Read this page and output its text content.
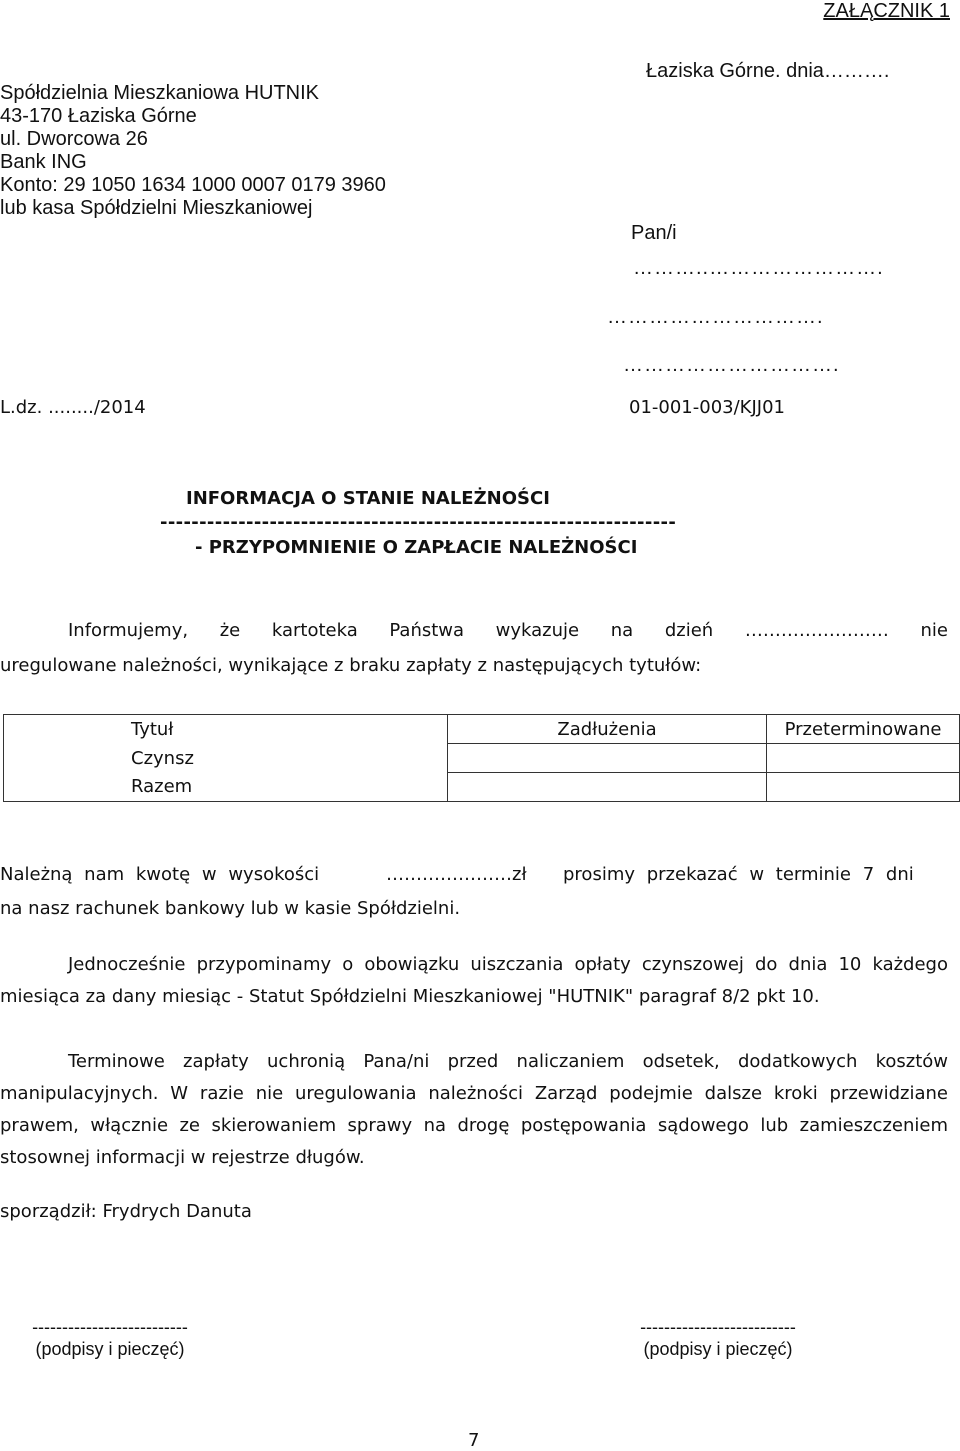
ZAŁĄCZNIK 1
Spółdzielnia Mieszkaniowa HUTNIK
43-170 Łaziska Górne
ul. Dworcowa 26
Bank ING
Konto: 29 1050 1634 1000 0007 0179 3960
lub kasa Spółdzielni Mieszkaniowej
Łaziska Górne. dnia……….
Pan/i
………..…………………….
………………………….
………………………….
L.dz. ......../2014	01-001-003/KJJ01
INFORMACJA O STANIE NALEŻNOŚCI
------------------------------------------------------------------
- PRZYPOMNIENIE O ZAPŁACIE NALEŻNOŚCI
Informujemy, że kartoteka Państwa wykazuje na dzień …………………… nie
uregulowane należności, wynikające z braku zapłaty z następujących tytułów:
Tytuł	Zadłużenia	Przeterminowane
Czynsz		
Razem		
Należną nam kwotę w wysokości	…………………zł prosimy przekazać w terminie 7 dni
na nasz rachunek bankowy lub w kasie Spółdzielni.
Jednocześnie przypominamy o obowiązku uiszczania opłaty czynszowej do dnia 10 każdego miesiąca za dany miesiąc - Statut Spółdzielni Mieszkaniowej "HUTNIK" paragraf 8/2 pkt 10.
Terminowe zapłaty uchronią Pana/ni przed naliczaniem odsetek, dodatkowych kosztów manipulacyjnych. W razie nie uregulowania należności Zarząd podejmie dalsze kroki przewidziane prawem, włącznie ze skierowaniem sprawy na drogę postępowania sądowego lub zamieszczeniem stosownej informacji w rejestrze długów.
sporządził: Frydrych Danuta
--------------------------
(podpisy i pieczęć)
--------------------------
(podpisy i pieczęć)
7
